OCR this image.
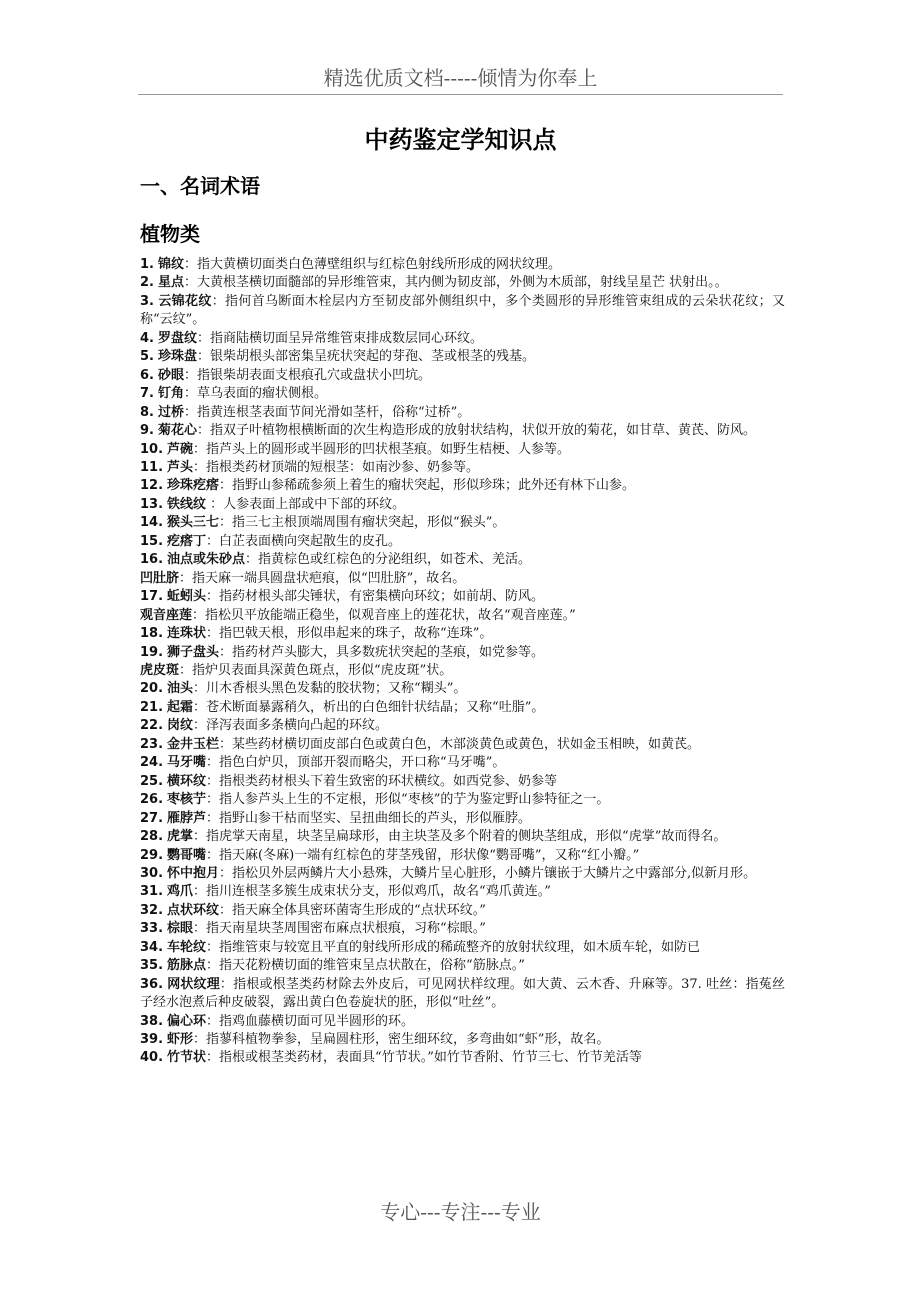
精选优质文档-----倾情为你奉上
中药鉴定学知识点
一、名词术语
植物类

1. 锦纹：指大黄横切面类白色薄壁组织与红棕色射线所形成的网状纹理。

2. 星点：大黄根茎横切面髓部的异形维管束，其内侧为韧皮部，外侧为木质部，射线呈星芒 状射出。。

3. 云锦花纹：指何首乌断面木栓层内方至韧皮部外侧组织中，多个类圆形的异形维管束组成的云朵状花纹；又称“云纹”。

4. 罗盘纹：指商陆横切面呈异常维管束排成数层同心环纹。

5. 珍珠盘：银柴胡根头部密集呈疣状突起的芽孢、茎或根茎的残基。

6. 砂眼：指银柴胡表面支根痕孔穴或盘状小凹坑。

7. 钉角：草乌表面的瘤状侧根。

8. 过桥：指黄连根茎表面节间光滑如茎杆，俗称“过桥”。

9. 菊花心：指双子叶植物根横断面的次生构造形成的放射状结构，状似开放的菊花，如甘草、黄芪、防风。

10. 芦碗：指芦头上的圆形或半圆形的凹状根茎痕。如野生桔梗、人参等。

11. 芦头：指根类药材顶端的短根茎：如南沙参、奶参等。

12. 珍珠疙瘩：指野山参稀疏参须上着生的瘤状突起，形似珍珠；此外还有林下山参。

13. 铁线纹 ：人参表面上部或中下部的环纹。

14. 猴头三七：指三七主根顶端周围有瘤状突起，形似“猴头”。

15. 疙瘩丁：白芷表面横向突起散生的皮孔。

16. 油点或朱砂点：指黄棕色或红棕色的分泌组织，如苍术、羌活。

凹肚脐：指天麻一端具圆盘状疤痕，似“凹肚脐”，故名。

17. 蚯蚓头：指药材根头部尖锤状，有密集横向环纹；如前胡、防风。

观音座莲：指松贝平放能端正稳坐，似观音座上的莲花状，故名“观音座莲。”

18. 连珠状：指巴戟天根，形似串起来的珠子，故称“连珠”。

19. 狮子盘头：指药材芦头膨大，具多数疣状突起的茎痕，如党参等。

虎皮斑：指炉贝表面具深黄色斑点，形似“虎皮斑”状。

20. 油头：川木香根头黑色发黏的胶状物；又称“糊头”。

21. 起霜：苍术断面暴露稍久，析出的白色细针状结晶；又称“吐脂”。

22. 岗纹：泽泻表面多条横向凸起的环纹。

23. 金井玉栏：某些药材横切面皮部白色或黄白色，木部淡黄色或黄色，状如金玉相映，如黄芪。

24. 马牙嘴：指色白炉贝，顶部开裂而略尖，开口称“马牙嘴”。

25. 横环纹：指根类药材根头下着生致密的环状横纹。如西党参、奶参等

26. 枣核艼：指人参芦头上生的不定根，形似“枣核”的艼为鉴定野山参特征之一。

27. 雁脖芦：指野山参干枯而坚实、呈扭曲细长的芦头，形似雁脖。

28. 虎掌：指虎掌天南星，块茎呈扁球形，由主块茎及多个附着的侧块茎组成，形似“虎掌”故而得名。

29. 鹦哥嘴：指天麻(冬麻)一端有红棕色的芽茎残留，形状像“鹦哥嘴”，又称“红小瓣。”

30. 怀中抱月：指松贝外层两鳞片大小悬殊，大鳞片呈心脏形，小鳞片镶嵌于大鳞片之中露部分,似新月形。

31. 鸡爪：指川连根茎多簇生成束状分支，形似鸡爪，故名“鸡爪黄连。”

32. 点状环纹：指天麻全体具密环菌寄生形成的“点状环纹。”

33. 棕眼：指天南星块茎周围密布麻点状根痕，习称“棕眼。”

34. 车轮纹：指维管束与较宽且平直的射线所形成的稀疏整齐的放射状纹理，如木质车轮，如防已

35. 筋脉点：指天花粉横切面的维管束呈点状散在，俗称“筋脉点。”

36. 网状纹理：指根或根茎类药材除去外皮后，可见网状样纹理。如大黄、云木香、升麻等。37. 吐丝：指菟丝子经水泡煮后种皮破裂，露出黄白色卷旋状的胚，形似“吐丝”。

38. 偏心环：指鸡血藤横切面可见半圆形的环。

39. 虾形：指蓼科植物拳参，呈扁圆柱形，密生细环纹，多弯曲如“虾”形，故名。

40. 竹节状：指根或根茎类药材，表面具“竹节状。”如竹节香附、竹节三七、竹节羌活等

专心---专注---专业
